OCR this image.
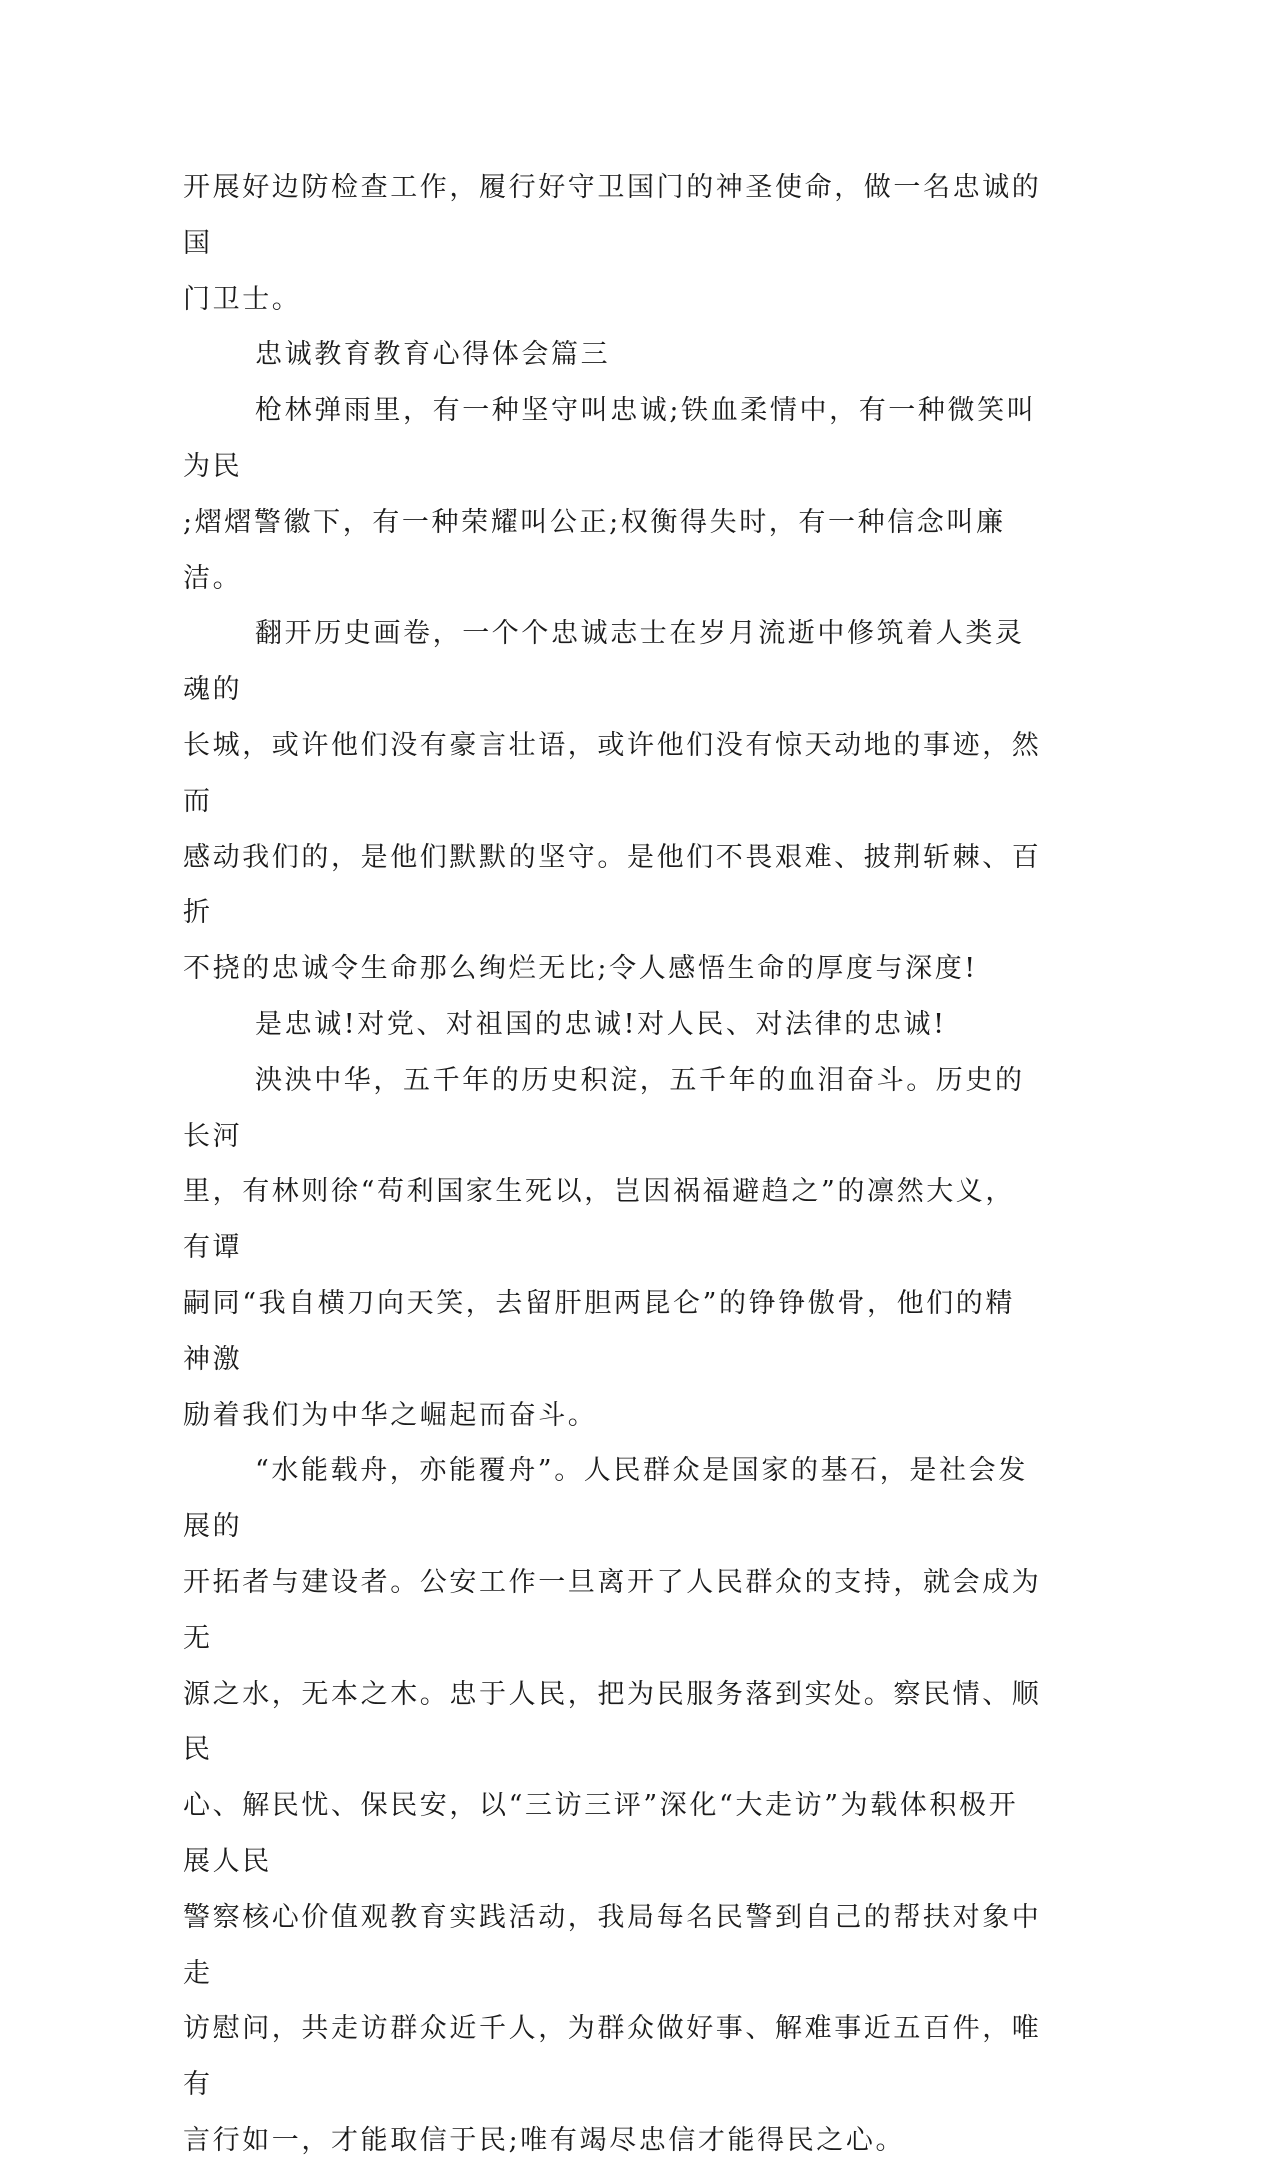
开展好边防检查工作，履行好守卫国门的神圣使命，做一名忠诚的国
门卫士。

忠诚教育教育心得体会篇三

枪林弹雨里，有一种坚守叫忠诚;铁血柔情中，有一种微笑叫为民
;熠熠警徽下，有一种荣耀叫公正;权衡得失时，有一种信念叫廉洁。

翻开历史画卷，一个个忠诚志士在岁月流逝中修筑着人类灵魂的
长城，或许他们没有豪言壮语，或许他们没有惊天动地的事迹，然而
感动我们的，是他们默默的坚守。是他们不畏艰难、披荆斩棘、百折
不挠的忠诚令生命那么绚烂无比;令人感悟生命的厚度与深度!

是忠诚!对党、对祖国的忠诚!对人民、对法律的忠诚!

泱泱中华，五千年的历史积淀，五千年的血泪奋斗。历史的长河
里，有林则徐“苟利国家生死以，岂因祸福避趋之”的凛然大义，有谭
嗣同“我自横刀向天笑，去留肝胆两昆仑”的铮铮傲骨，他们的精神激
励着我们为中华之崛起而奋斗。

“水能载舟，亦能覆舟”。人民群众是国家的基石，是社会发展的
开拓者与建设者。公安工作一旦离开了人民群众的支持，就会成为无
源之水，无本之木。忠于人民，把为民服务落到实处。察民情、顺民
心、解民忧、保民安，以“三访三评”深化“大走访”为载体积极开展人民
警察核心价值观教育实践活动，我局每名民警到自己的帮扶对象中走
访慰问，共走访群众近千人，为群众做好事、解难事近五百件，唯有
言行如一，才能取信于民;唯有竭尽忠信才能得民之心。
